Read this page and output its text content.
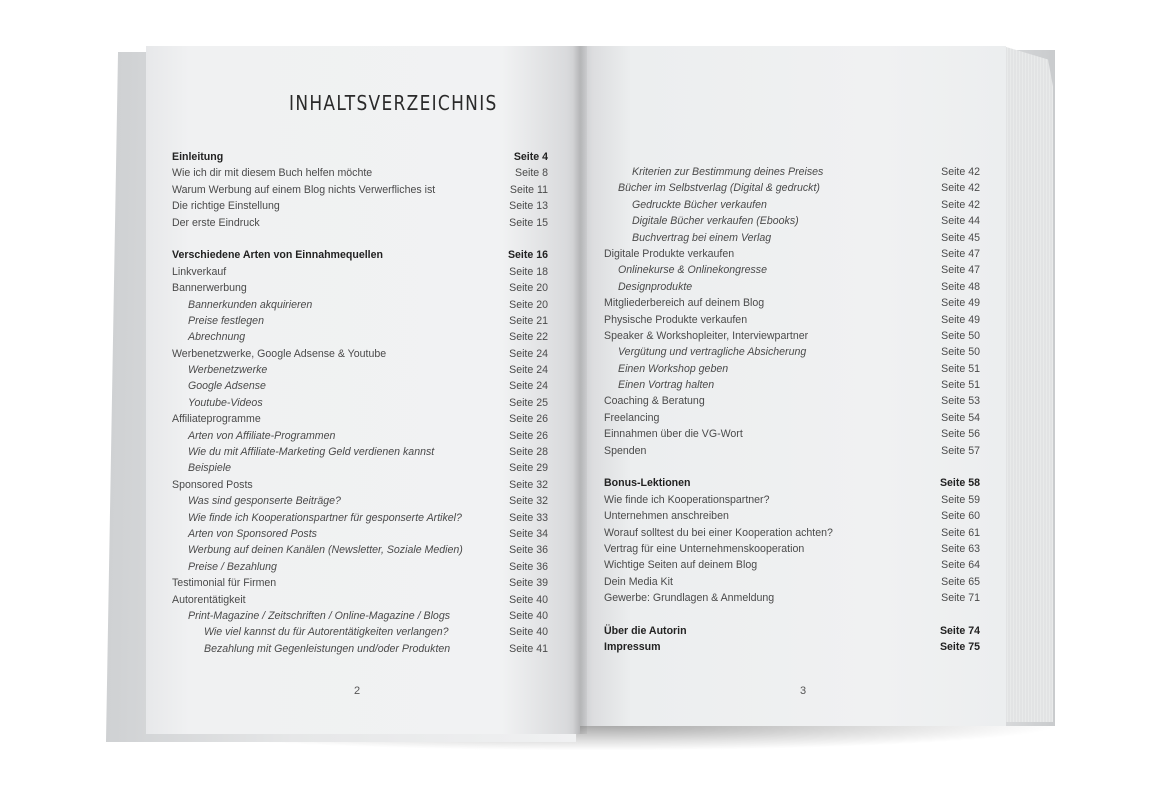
INHALTSVERZEICHNIS
Einleitung	Seite 4
Wie ich dir mit diesem Buch helfen möchte	Seite 8
Warum Werbung auf einem Blog nichts Verwerfliches ist	Seite 11
Die richtige Einstellung	Seite 13
Der erste Eindruck	Seite 15
Verschiedene Arten von Einnahmequellen	Seite 16
Linkverkauf	Seite 18
Bannerwerbung	Seite 20
Bannerkunden akquirieren	Seite 20
Preise festlegen	Seite 21
Abrechnung	Seite 22
Werbenetzwerke, Google Adsense & Youtube	Seite 24
Werbenetzwerke	Seite 24
Google Adsense	Seite 24
Youtube-Videos	Seite 25
Affiliateprogramme	Seite 26
Arten von Affiliate-Programmen	Seite 26
Wie du mit Affiliate-Marketing Geld verdienen kannst	Seite 28
Beispiele	Seite 29
Sponsored Posts	Seite 32
Was sind gesponserte Beiträge?	Seite 32
Wie finde ich Kooperationspartner für gesponserte Artikel?	Seite 33
Arten von Sponsored Posts	Seite 34
Werbung auf deinen Kanälen (Newsletter, Soziale Medien)	Seite 36
Preise / Bezahlung	Seite 36
Testimonial für Firmen	Seite 39
Autorentätigkeit	Seite 40
Print-Magazine / Zeitschriften / Online-Magazine / Blogs	Seite 40
Wie viel kannst du für Autorentätigkeiten verlangen?	Seite 40
Bezahlung mit Gegenleistungen und/oder Produkten	Seite 41
Kriterien zur Bestimmung deines Preises	Seite 42
Bücher im Selbstverlag (Digital & gedruckt)	Seite 42
Gedruckte Bücher verkaufen	Seite 42
Digitale Bücher verkaufen (Ebooks)	Seite 44
Buchvertrag bei einem Verlag	Seite 45
Digitale Produkte verkaufen	Seite 47
Onlinekurse & Onlinekongresse	Seite 47
Designprodukte	Seite 48
Mitgliederbereich auf deinem Blog	Seite 49
Physische Produkte verkaufen	Seite 49
Speaker & Workshopleiter, Interviewpartner	Seite 50
Vergütung und vertragliche Absicherung	Seite 50
Einen Workshop geben	Seite 51
Einen Vortrag halten	Seite 51
Coaching & Beratung	Seite 53
Freelancing	Seite 54
Einnahmen über die VG-Wort	Seite 56
Spenden	Seite 57
Bonus-Lektionen	Seite 58
Wie finde ich Kooperationspartner?	Seite 59
Unternehmen anschreiben	Seite 60
Worauf solltest du bei einer Kooperation achten?	Seite 61
Vertrag für eine Unternehmenskooperation	Seite 63
Wichtige Seiten auf deinem Blog	Seite 64
Dein Media Kit	Seite 65
Gewerbe: Grundlagen & Anmeldung	Seite 71
Über die Autorin	Seite 74
Impressum	Seite 75
2	3
